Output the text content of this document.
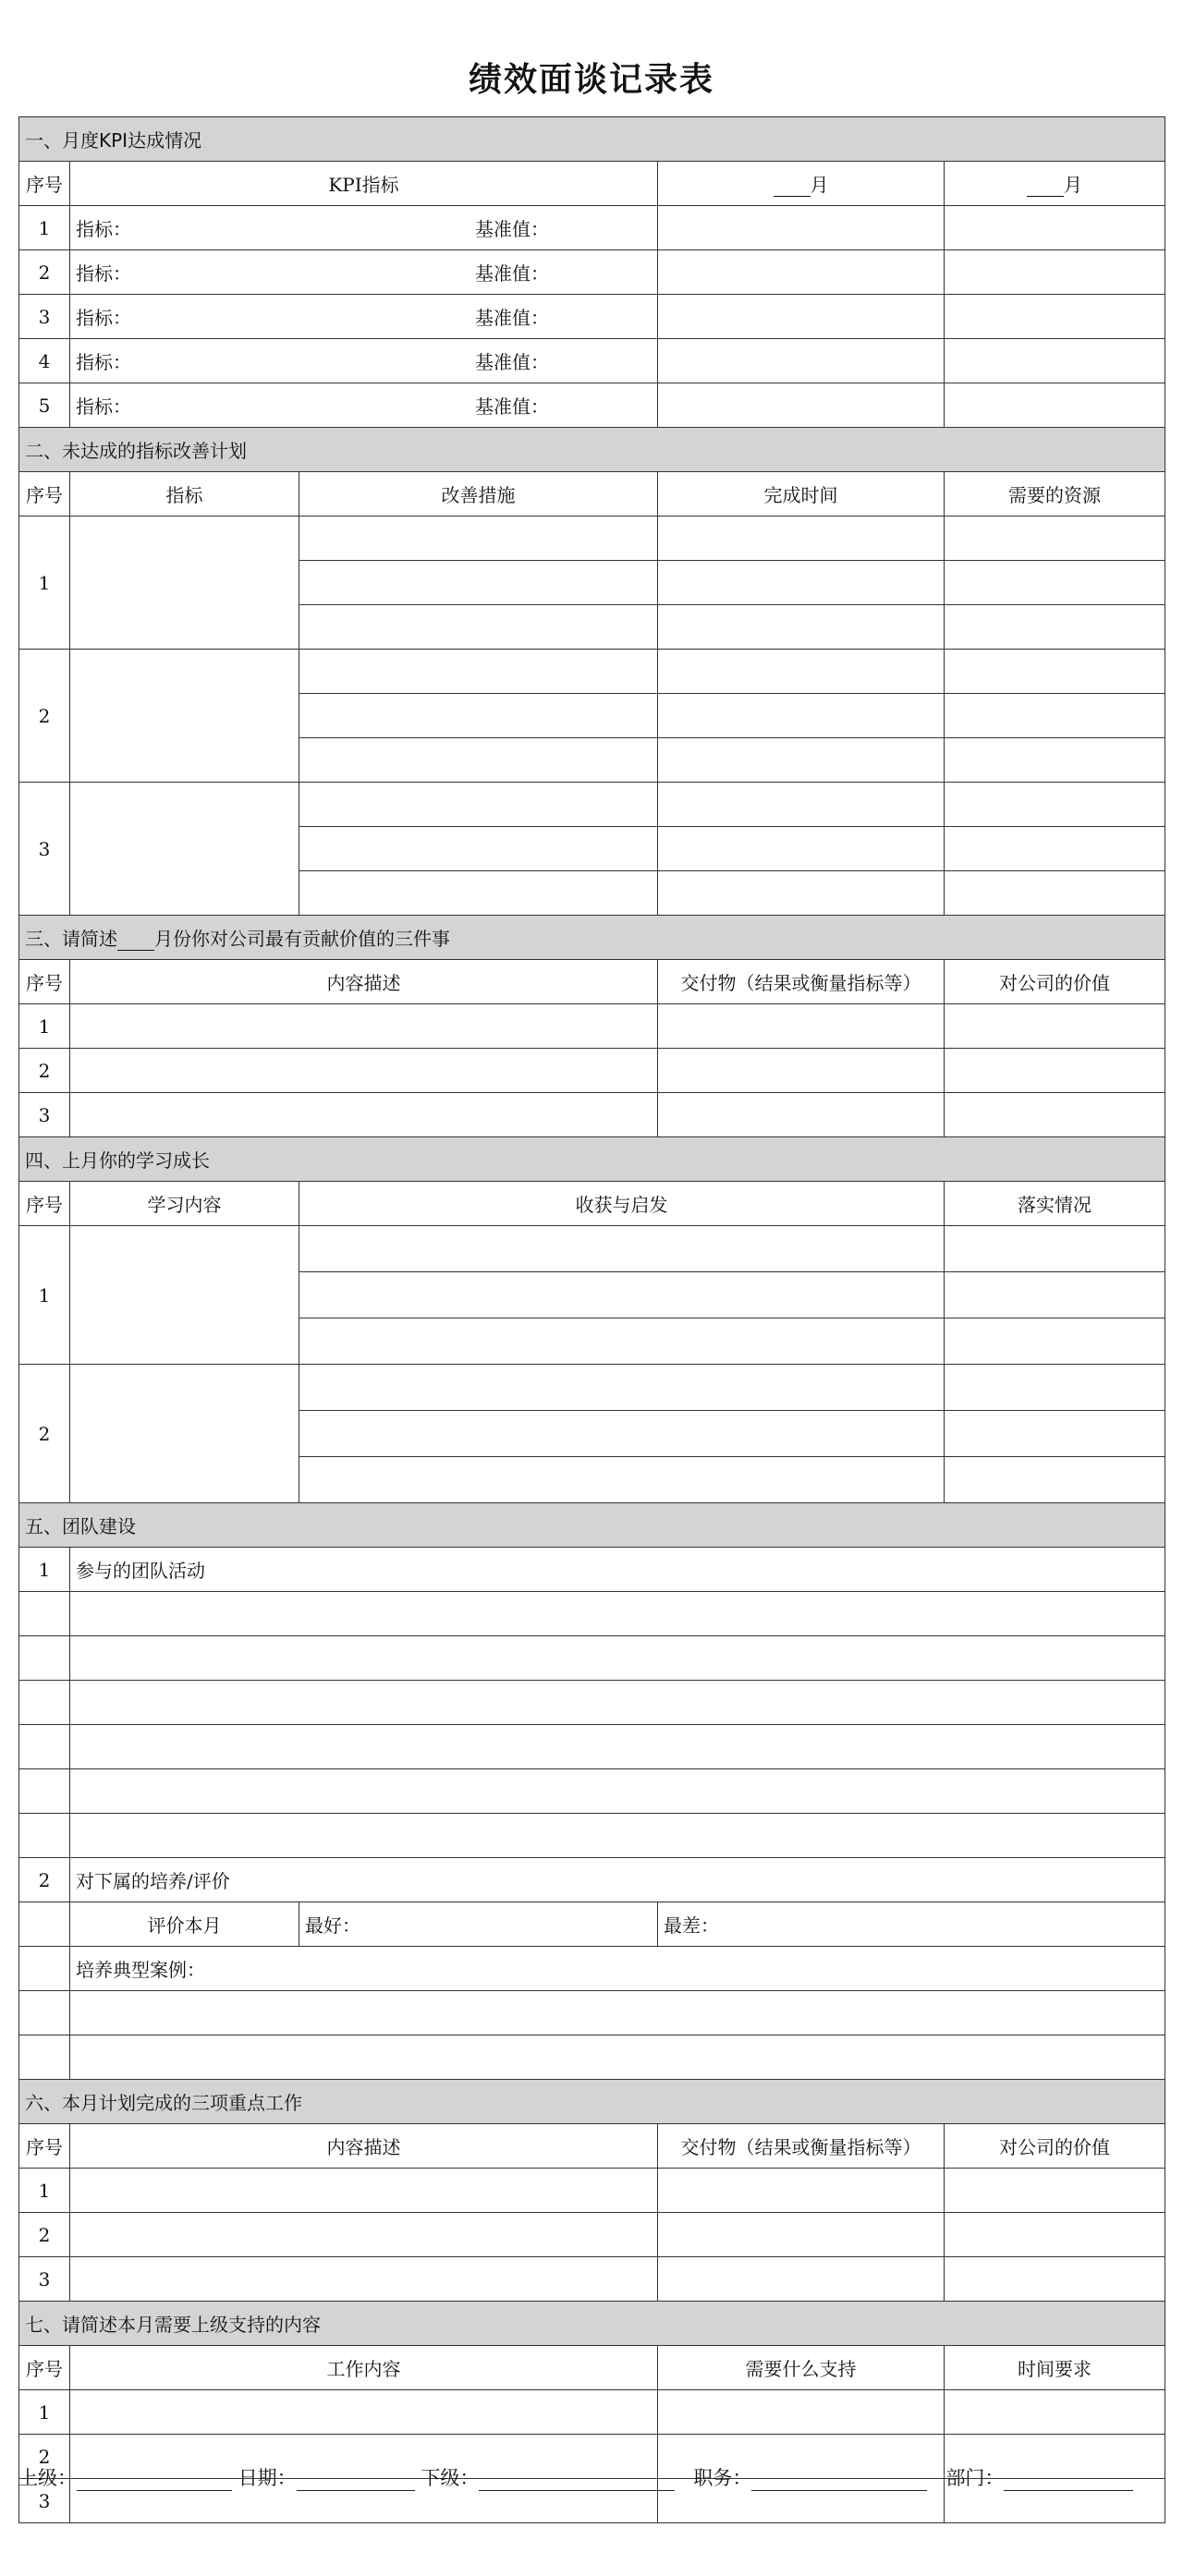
绩效面谈记录表
一、月度KPI达成情况				
序号	KPI指标		月	月
1	指标： 基准值：			
2	指标： 基准值：			
3	指标： 基准值：			
4	指标： 基准值：			
5	指标： 基准值：			
二、未达成的指标改善计划				
序号	指标	改善措施	完成时间	需要的资源
1				

2				

3				

三、请简述 月份你对公司最有贡献价值的三件事				
序号	内容描述		交付物（结果或衡量指标等）	对公司的价值
1				
2				
3				
四、上月你的学习成长				
序号	学习内容	收获与启发		落实情况
1				

2				

五、团队建设				
1	参与的团队活动			

2	对下属的培养/评价			
	评价本月	最好：	最差：	
	培养典型案例：			

六、本月计划完成的三项重点工作				
序号	内容描述		交付物（结果或衡量指标等）	对公司的价值
1				
2				
3				
七、请简述本月需要上级支持的内容				
序号	工作内容		需要什么支持	时间要求
1				
2				
3				
上级：	日期：	下级：	职务：	部门：
